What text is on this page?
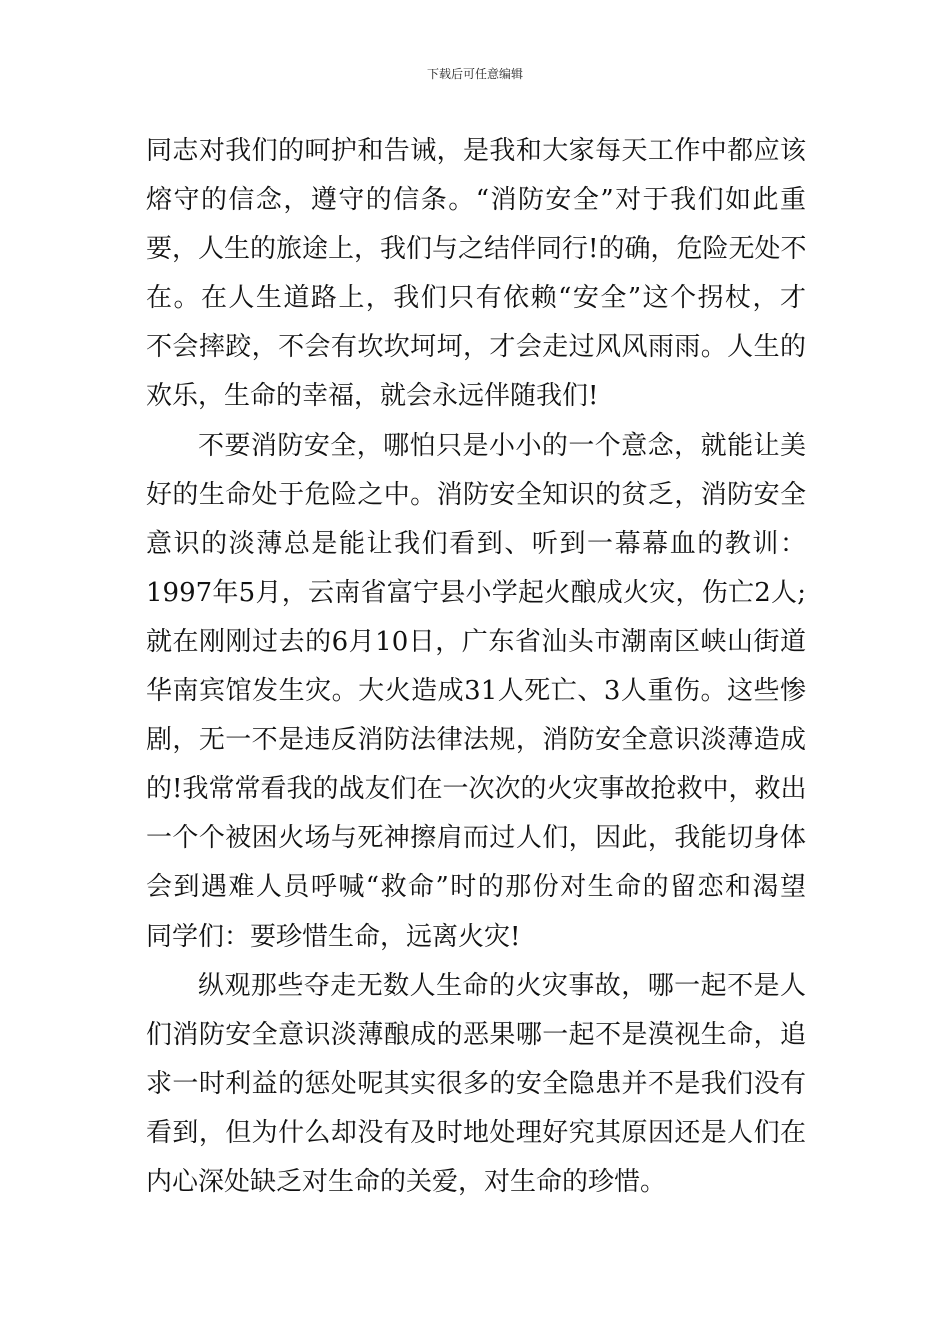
下载后可任意编辑
同志对我们的呵护和告诫，是我和大家每天工作中都应该
熔守的信念，遵守的信条。“消防安全”对于我们如此重
要，人生的旅途上，我们与之结伴同行!的确，危险无处不
在。在人生道路上，我们只有依赖“安全”这个拐杖，才
不会摔跤，不会有坎坎坷坷，才会走过风风雨雨。人生的
欢乐，生命的幸福，就会永远伴随我们!
不要消防安全，哪怕只是小小的一个意念，就能让美
好的生命处于危险之中。消防安全知识的贫乏，消防安全
意识的淡薄总是能让我们看到、听到一幕幕血的教训：
1997年5月，云南省富宁县小学起火酿成火灾，伤亡2人;
就在刚刚过去的6月10日，广东省汕头市潮南区峡山街道
华南宾馆发生灾。大火造成31人死亡、3人重伤。这些惨
剧，无一不是违反消防法律法规，消防安全意识淡薄造成
的!我常常看我的战友们在一次次的火灾事故抢救中，救出
一个个被困火场与死神擦肩而过人们，因此，我能切身体
会到遇难人员呼喊“救命”时的那份对生命的留恋和渴望
同学们：要珍惜生命，远离火灾!
纵观那些夺走无数人生命的火灾事故，哪一起不是人
们消防安全意识淡薄酿成的恶果哪一起不是漠视生命，追
求一时利益的惩处呢其实很多的安全隐患并不是我们没有
看到，但为什么却没有及时地处理好究其原因还是人们在
内心深处缺乏对生命的关爱，对生命的珍惜。
